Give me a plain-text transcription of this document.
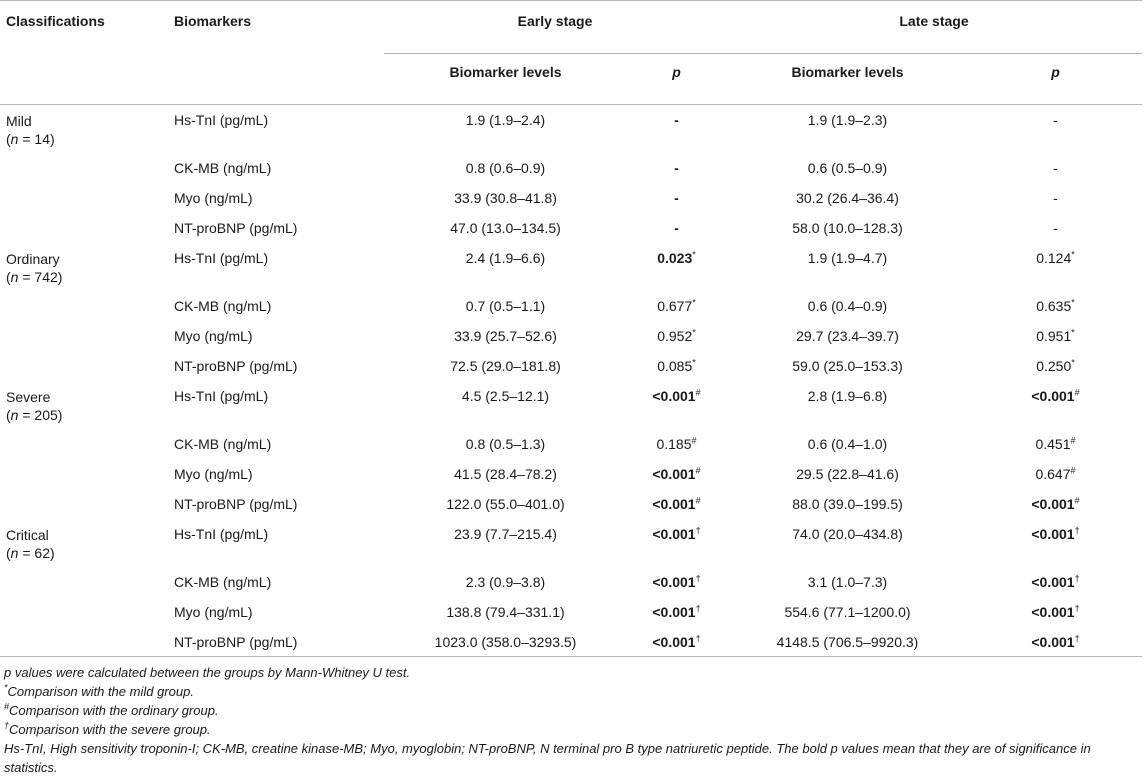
Classifications	Biomarkers	Early stage		Late stage	
		Biomarker levels	p	Biomarker levels	p
Mild
(n = 14)	Hs-TnI (pg/mL)	1.9 (1.9–2.4)	-	1.9 (1.9–2.3)	-
	CK-MB (ng/mL)	0.8 (0.6–0.9)	-	0.6 (0.5–0.9)	-
	Myo (ng/mL)	33.9 (30.8–41.8)	-	30.2 (26.4–36.4)	-
	NT-proBNP (pg/mL)	47.0 (13.0–134.5)	-	58.0 (10.0–128.3)	-
Ordinary
(n = 742)	Hs-TnI (pg/mL)	2.4 (1.9–6.6)	0.023*	1.9 (1.9–4.7)	0.124*
	CK-MB (ng/mL)	0.7 (0.5–1.1)	0.677*	0.6 (0.4–0.9)	0.635*
	Myo (ng/mL)	33.9 (25.7–52.6)	0.952*	29.7 (23.4–39.7)	0.951*
	NT-proBNP (pg/mL)	72.5 (29.0–181.8)	0.085*	59.0 (25.0–153.3)	0.250*
Severe
(n = 205)	Hs-TnI (pg/mL)	4.5 (2.5–12.1)	<0.001#	2.8 (1.9–6.8)	<0.001#
	CK-MB (ng/mL)	0.8 (0.5–1.3)	0.185#	0.6 (0.4–1.0)	0.451#
	Myo (ng/mL)	41.5 (28.4–78.2)	<0.001#	29.5 (22.8–41.6)	0.647#
	NT-proBNP (pg/mL)	122.0 (55.0–401.0)	<0.001#	88.0 (39.0–199.5)	<0.001#
Critical
(n = 62)	Hs-TnI (pg/mL)	23.9 (7.7–215.4)	<0.001†	74.0 (20.0–434.8)	<0.001†
	CK-MB (ng/mL)	2.3 (0.9–3.8)	<0.001†	3.1 (1.0–7.3)	<0.001†
	Myo (ng/mL)	138.8 (79.4–331.1)	<0.001†	554.6 (77.1–1200.0)	<0.001†
	NT-proBNP (pg/mL)	1023.0 (358.0–3293.5)	<0.001†	4148.5 (706.5–9920.3)	<0.001†
p values were calculated between the groups by Mann-Whitney U test.
*Comparison with the mild group.
#Comparison with the ordinary group.
†Comparison with the severe group.
Hs-TnI, High sensitivity troponin-I; CK-MB, creatine kinase-MB; Myo, myoglobin; NT-proBNP, N terminal pro B type natriuretic peptide. The bold p values mean that they are of significance in statistics.
